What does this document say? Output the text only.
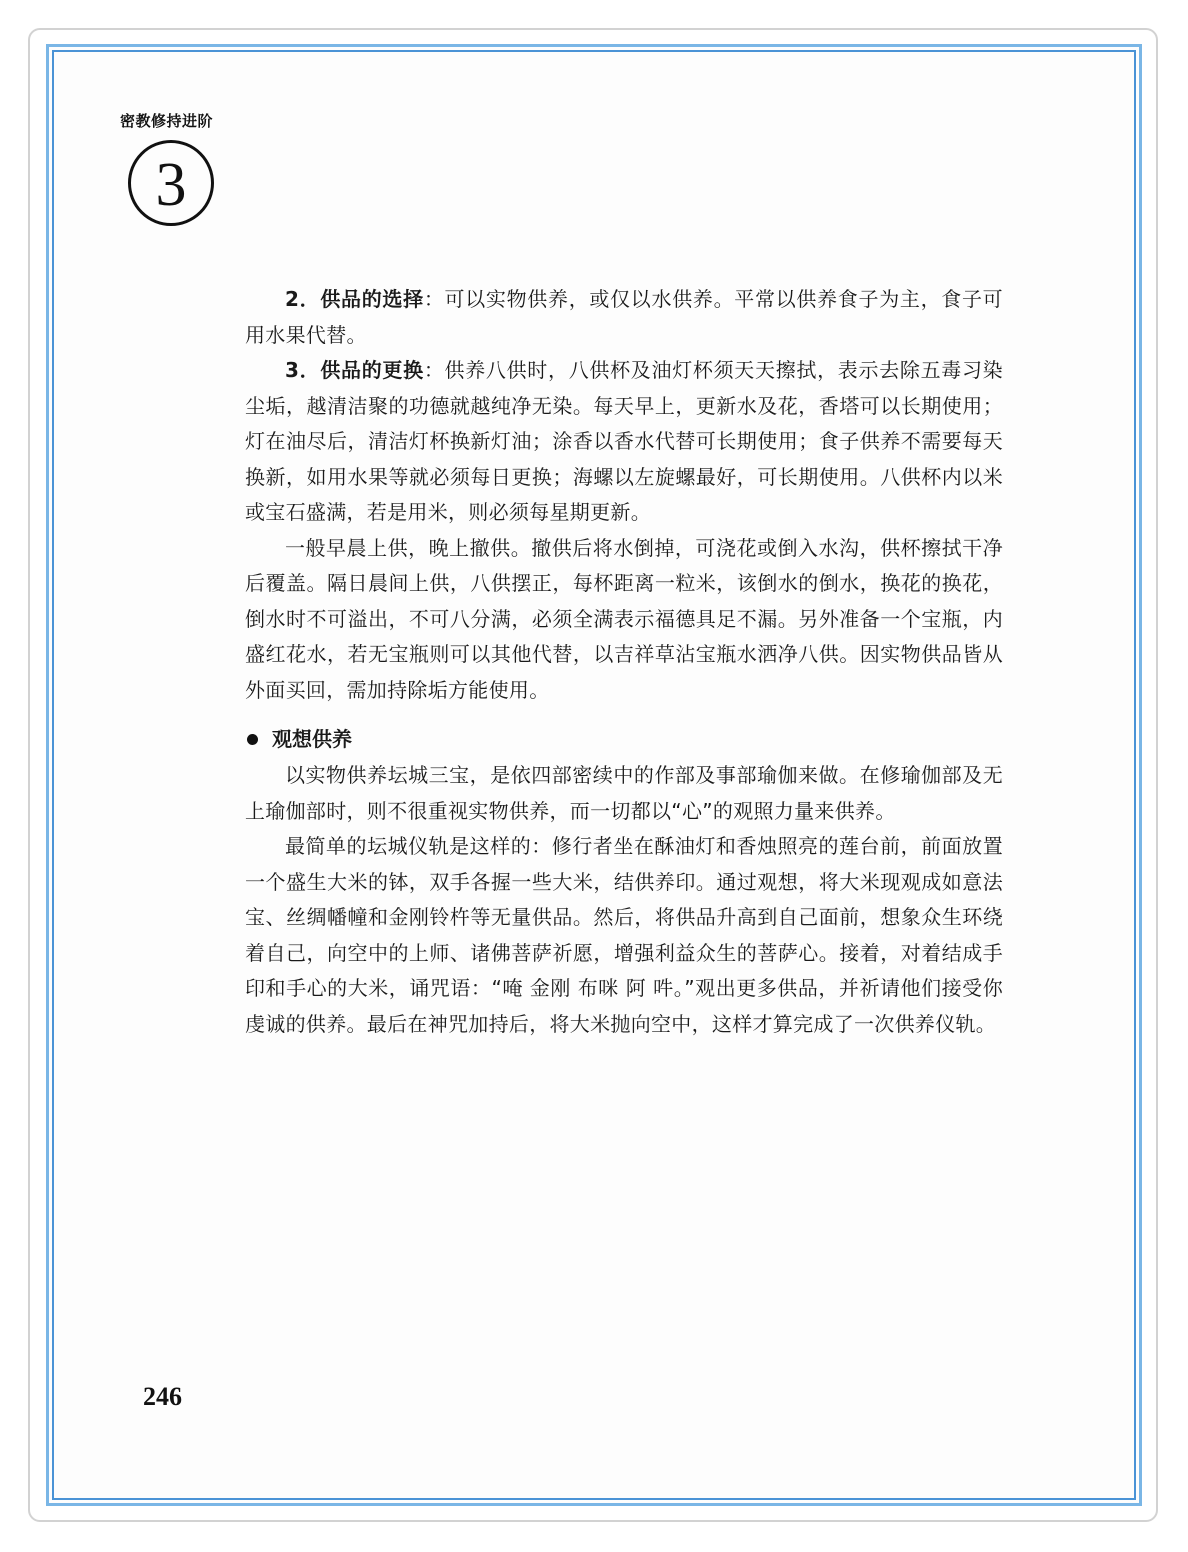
密教修持进阶
3

2．供品的选择：可以实物供养，或仅以水供养。平常以供养食子为主，食子可用水果代替。

3．供品的更换：供养八供时，八供杯及油灯杯须天天擦拭，表示去除五毒习染尘垢，越清洁聚的功德就越纯净无染。每天早上，更新水及花，香塔可以长期使用；灯在油尽后，清洁灯杯换新灯油；涂香以香水代替可长期使用；食子供养不需要每天换新，如用水果等就必须每日更换；海螺以左旋螺最好，可长期使用。八供杯内以米或宝石盛满，若是用米，则必须每星期更新。

一般早晨上供，晚上撤供。撤供后将水倒掉，可浇花或倒入水沟，供杯擦拭干净后覆盖。隔日晨间上供，八供摆正，每杯距离一粒米，该倒水的倒水，换花的换花，倒水时不可溢出，不可八分满，必须全满表示福德具足不漏。另外准备一个宝瓶，内盛红花水，若无宝瓶则可以其他代替，以吉祥草沾宝瓶水洒净八供。因实物供品皆从外面买回，需加持除垢方能使用。

观想供养

以实物供养坛城三宝，是依四部密续中的作部及事部瑜伽来做。在修瑜伽部及无上瑜伽部时，则不很重视实物供养，而一切都以“心”的观照力量来供养。

最简单的坛城仪轨是这样的：修行者坐在酥油灯和香烛照亮的莲台前，前面放置一个盛生大米的钵，双手各握一些大米，结供养印。通过观想，将大米现观成如意法宝、丝绸幡幢和金刚铃杵等无量供品。然后，将供品升高到自己面前，想象众生环绕着自己，向空中的上师、诸佛菩萨祈愿，增强利益众生的菩萨心。接着，对着结成手印和手心的大米，诵咒语：“唵 金刚 布咪 阿 吽。”观出更多供品，并祈请他们接受你虔诚的供养。最后在神咒加持后，将大米抛向空中，这样才算完成了一次供养仪轨。

246
